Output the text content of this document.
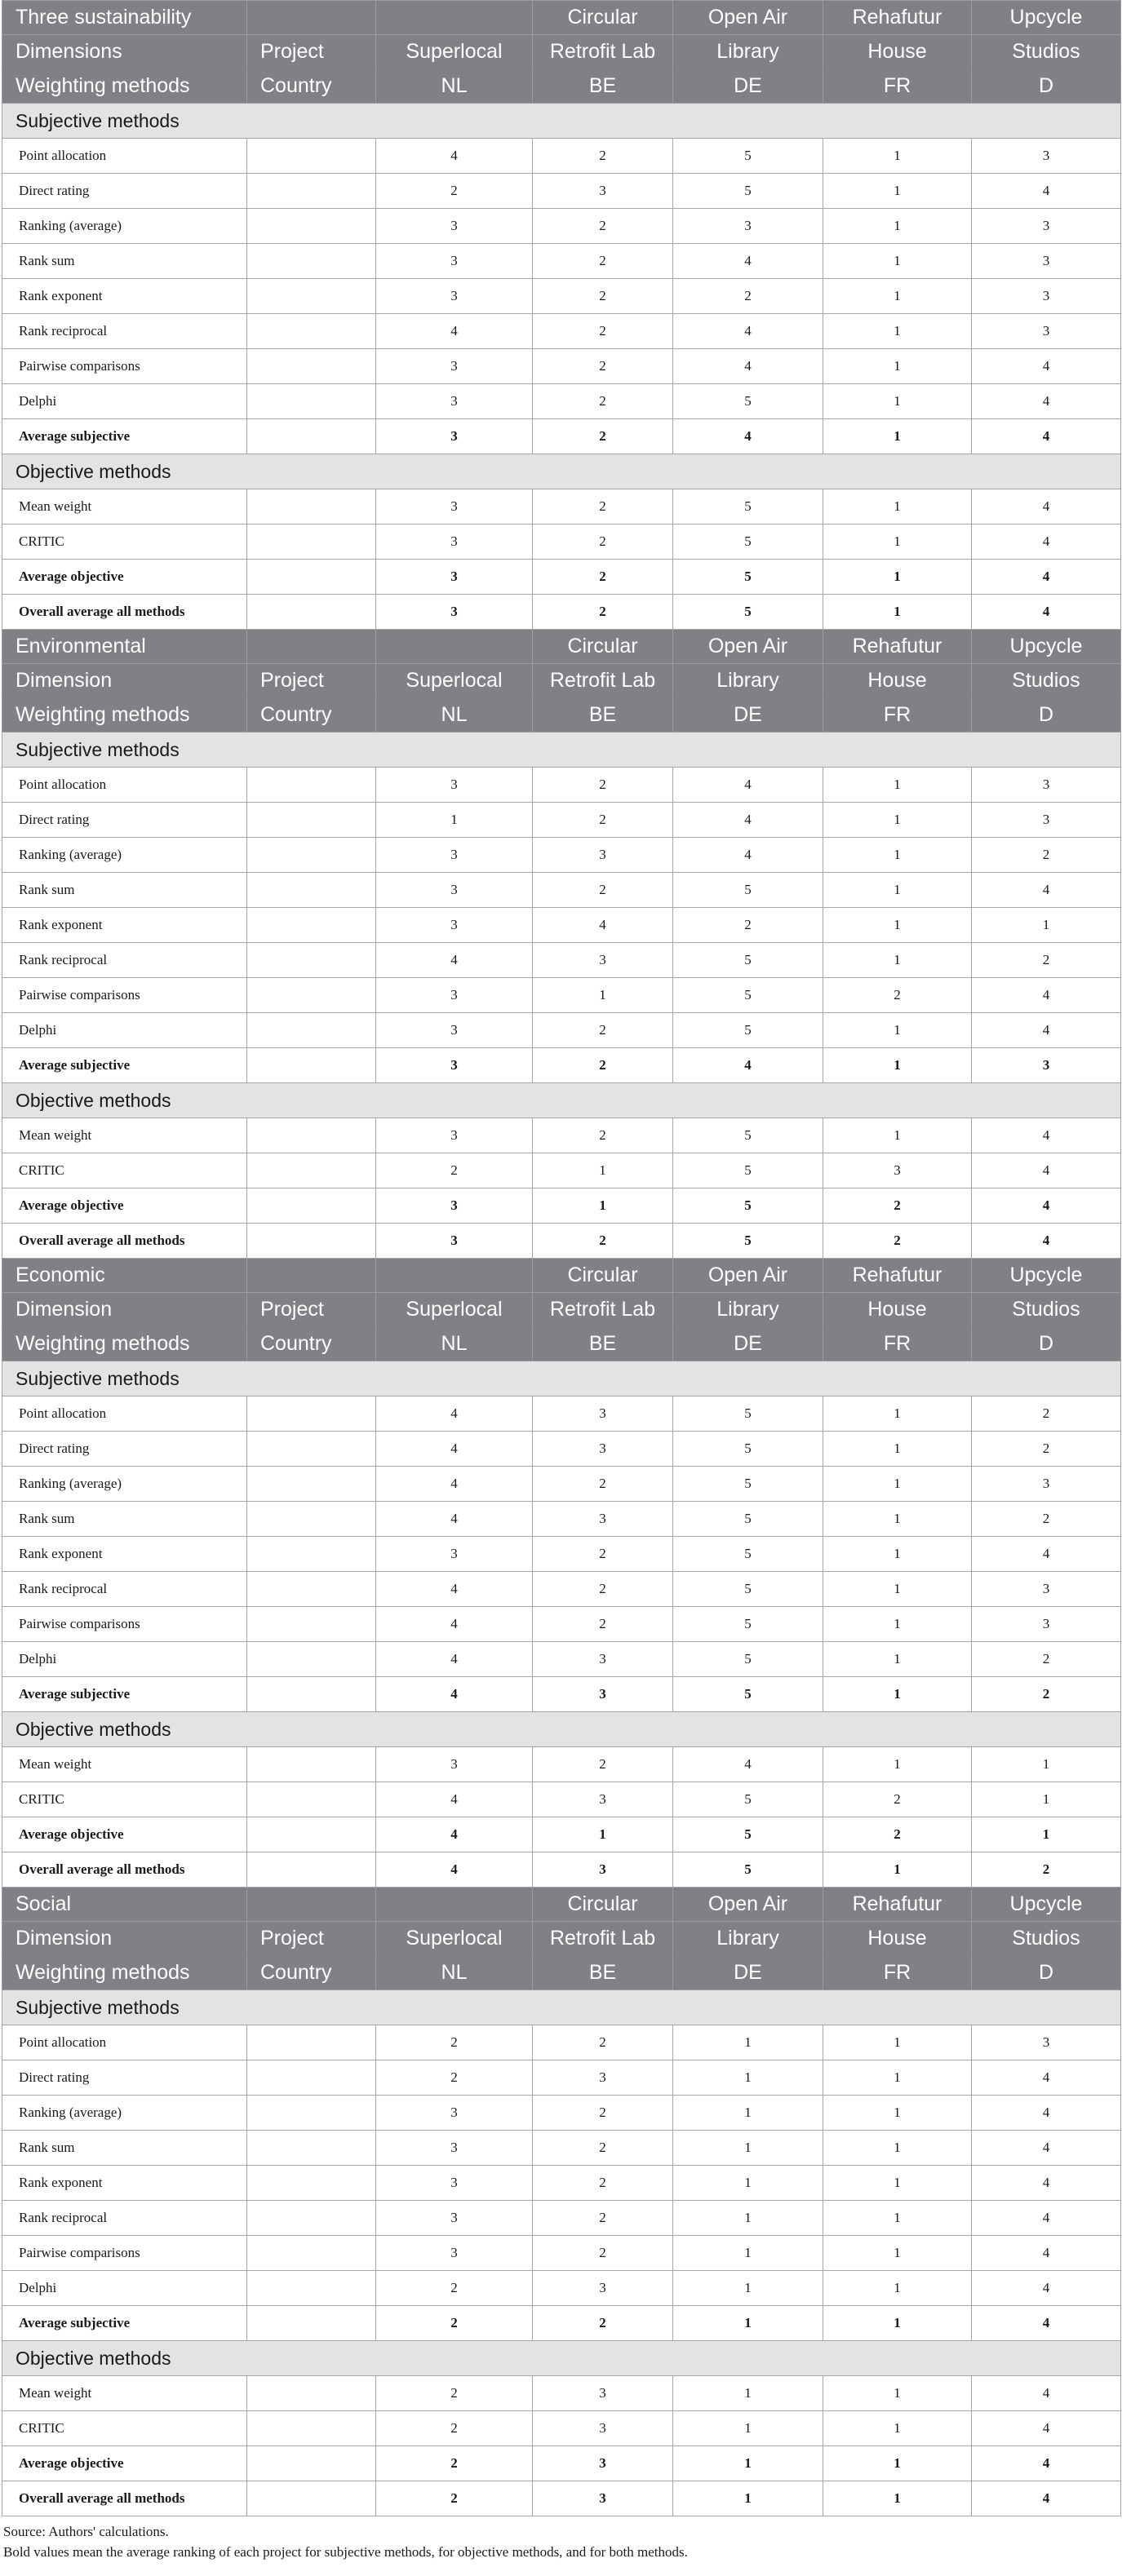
Three sustainability			Circular	Open Air	Rehafutur	Upcycle
Dimensions	Project	Superlocal	Retrofit Lab	Library	House	Studios
Weighting methods	Country	NL	BE	DE	FR	D
Subjective methods						
Point allocation		4	2	5	1	3
Direct rating		2	3	5	1	4
Ranking (average)		3	2	3	1	3
Rank sum		3	2	4	1	3
Rank exponent		3	2	2	1	3
Rank reciprocal		4	2	4	1	3
Pairwise comparisons		3	2	4	1	4
Delphi		3	2	5	1	4
Average subjective		3	2	4	1	4
Objective methods						
Mean weight		3	2	5	1	4
CRITIC		3	2	5	1	4
Average objective		3	2	5	1	4
Overall average all methods		3	2	5	1	4
Environmental			Circular	Open Air	Rehafutur	Upcycle
Dimension	Project	Superlocal	Retrofit Lab	Library	House	Studios
Weighting methods	Country	NL	BE	DE	FR	D
Subjective methods						
Point allocation		3	2	4	1	3
Direct rating		1	2	4	1	3
Ranking (average)		3	3	4	1	2
Rank sum		3	2	5	1	4
Rank exponent		3	4	2	1	1
Rank reciprocal		4	3	5	1	2
Pairwise comparisons		3	1	5	2	4
Delphi		3	2	5	1	4
Average subjective		3	2	4	1	3
Objective methods						
Mean weight		3	2	5	1	4
CRITIC		2	1	5	3	4
Average objective		3	1	5	2	4
Overall average all methods		3	2	5	2	4
Economic			Circular	Open Air	Rehafutur	Upcycle
Dimension	Project	Superlocal	Retrofit Lab	Library	House	Studios
Weighting methods	Country	NL	BE	DE	FR	D
Subjective methods						
Point allocation		4	3	5	1	2
Direct rating		4	3	5	1	2
Ranking (average)		4	2	5	1	3
Rank sum		4	3	5	1	2
Rank exponent		3	2	5	1	4
Rank reciprocal		4	2	5	1	3
Pairwise comparisons		4	2	5	1	3
Delphi		4	3	5	1	2
Average subjective		4	3	5	1	2
Objective methods						
Mean weight		3	2	4	1	1
CRITIC		4	3	5	2	1
Average objective		4	1	5	2	1
Overall average all methods		4	3	5	1	2
Social			Circular	Open Air	Rehafutur	Upcycle
Dimension	Project	Superlocal	Retrofit Lab	Library	House	Studios
Weighting methods	Country	NL	BE	DE	FR	D
Subjective methods						
Point allocation		2	2	1	1	3
Direct rating		2	3	1	1	4
Ranking (average)		3	2	1	1	4
Rank sum		3	2	1	1	4
Rank exponent		3	2	1	1	4
Rank reciprocal		3	2	1	1	4
Pairwise comparisons		3	2	1	1	4
Delphi		2	3	1	1	4
Average subjective		2	2	1	1	4
Objective methods						
Mean weight		2	3	1	1	4
CRITIC		2	3	1	1	4
Average objective		2	3	1	1	4
Overall average all methods		2	3	1	1	4
Source: Authors' calculations.
Bold values mean the average ranking of each project for subjective methods, for objective methods, and for both methods.
